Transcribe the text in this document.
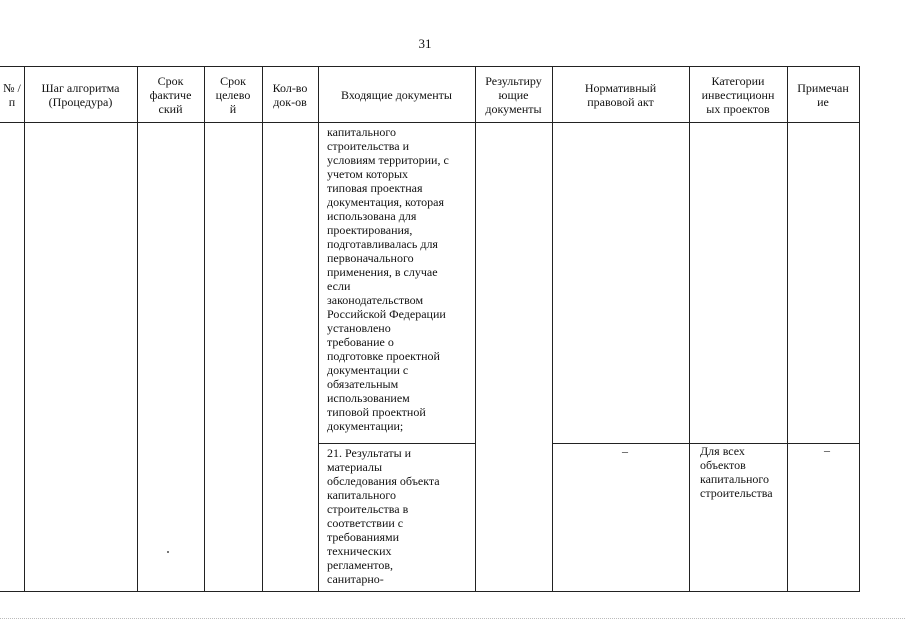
31
№ /п
Шаг алгоритма
(Процедура)
Срок
фактиче
ский
Срок
целево
й
Кол-во
док-ов	Входящие документы
Результиру
ющие
документы
Нормативный
правовой акт
Категории
инвестиционн
ых проектов
Примечан
ие
капитального
строительства и
условиям территории, с
учетом которых
типовая проектная
документация, которая
использована для
проектирования,
подготавливалась для
первоначального
применения, в случае
если
законодательством
Российской Федерации
установлено
требование о
подготовке проектной
документации с
обязательным
использованием
типовой проектной
документации;
21. Результаты и
материалы
обследования объекта
капитального
строительства в
соответствии с
требованиями
технических
регламентов,
санитарно-
–	Для всех
объектов
капитального
строительства
–
